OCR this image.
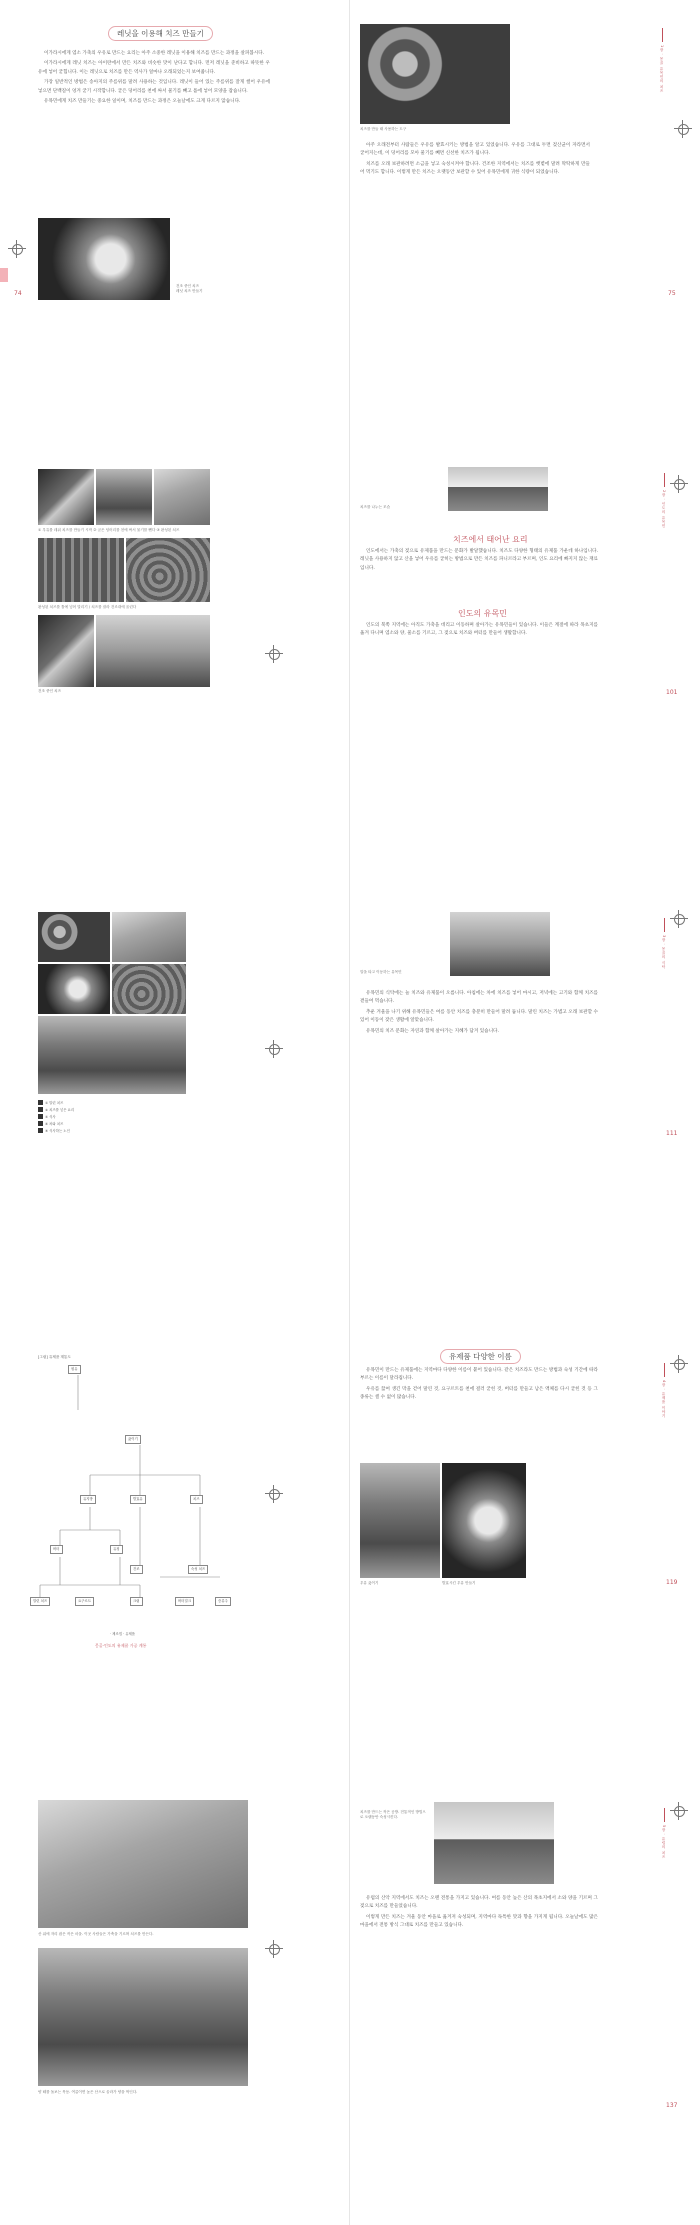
레닛을 이용해 치즈 만들기

이가라시에게 염소 가축의 우유로 만드는 요리는 아주 소중한 레닛을 이용해 치즈를 만드는 과정을 살펴봅시다.

이가라시에게 레닛 치즈는 아이란에서 만든 치즈와 비슷한 맛이 난다고 합니다. 먼저 레닛을 준비하고 따뜻한 우유에 넣어 굳힙니다. 이는 레닛으로 치즈를 만든 역사가 얼마나 오래되었는지 보여줍니다.

가장 일반적인 방법은 송아지의 주름위를 말려 사용하는 것입니다. 레닛이 들어 있는 주름위를 잘게 썰어 우유에 넣으면 단백질이 엉겨 굳기 시작합니다. 굳은 덩어리를 천에 싸서 물기를 빼고 틀에 넣어 모양을 잡습니다.

유목민에게 치즈 만들기는 중요한 일이며, 치즈를 만드는 과정은 오늘날에도 크게 다르지 않습니다.

건조 중인 치즈
레닛 치즈 만들기
74
치즈를 만들 때 사용하는 도구

아주 오래전부터 사람들은 우유를 발효시키는 방법을 알고 있었습니다. 우유를 그대로 두면 젖산균이 자라면서 굳어지는데, 이 덩어리를 모아 물기를 빼면 신선한 치즈가 됩니다.

치즈를 오래 보관하려면 소금을 넣고 숙성시켜야 합니다. 건조한 지역에서는 치즈를 햇볕에 말려 딱딱하게 만들어 먹기도 합니다. 이렇게 만든 치즈는 오랫동안 보관할 수 있어 유목민에게 귀한 식량이 되었습니다.

1장 · 몽골 유목민의 치즈
75
① 우유를 데워 치즈를 만들기 시작 ② 굳은 덩어리를 천에 싸서 물기를 뺀다 ③ 완성된 치즈
완성된 치즈를 틀에 넣어 말리기 / 치즈를 잘라 건조대에 올린다
건조 중인 치즈
치즈를 나누는 모습
치즈에서 태어난 요리

인도에서는 가축의 젖으로 유제품을 만드는 문화가 발달했습니다. 치즈도 다양한 형태의 유제품 가운데 하나입니다. 레닛을 사용하지 않고 산을 넣어 우유를 굳히는 방법으로 만든 치즈를 파니르라고 부르며, 인도 요리에 빠지지 않는 재료입니다.

인도의 유목민

인도의 북쪽 지역에는 아직도 가축을 데리고 이동하며 살아가는 유목민들이 있습니다. 이들은 계절에 따라 목초지를 옮겨 다니며 염소와 양, 물소를 기르고, 그 젖으로 치즈와 버터를 만들어 생활합니다.

2장 · 인도의 유목민
101
① 말린 치즈
② 치즈를 넣은 요리
③ 식사
④ 차와 치즈
⑤ 식사하는 노인
말을 타고 이동하는 유목민

유목민의 식탁에는 늘 치즈와 유제품이 오릅니다. 아침에는 차에 치즈를 넣어 마시고, 저녁에는 고기와 함께 치즈를 곁들여 먹습니다.

추운 겨울을 나기 위해 유목민들은 여름 동안 치즈를 충분히 만들어 말려 둡니다. 말린 치즈는 가볍고 오래 보관할 수 있어 이동이 잦은 생활에 알맞습니다.

유목민의 치즈 문화는 자연과 함께 살아가는 지혜가 담겨 있습니다.

3장 · 몽골의 식탁
111
[그림] 유제품 계통도
원유
끓이기
유지방	발효유	치즈
버터	유청
건조	숙성 치즈
말린 치즈	요구르트	크림	버터밀크	증류주
· 제조법 · 유제품
몽골·인도의 유제품 가공 계통
유제품 다양한 이름

유목민이 만드는 유제품에는 지역마다 다양한 이름이 붙어 있습니다. 같은 치즈라도 만드는 방법과 숙성 기간에 따라 부르는 이름이 달라집니다.

우유를 끓여 생긴 막을 걷어 말린 것, 요구르트를 천에 걸러 굳힌 것, 버터를 만들고 남은 액체를 다시 굳힌 것 등 그 종류는 셀 수 없이 많습니다.

우유 끓이기	발효시킨 우유 만들기
4장 · 유제품 이야기
119
산 위에 자리 잡은 작은 마을. 이곳 사람들은 가축을 기르며 치즈를 만든다.
양 떼를 돌보는 목동. 여름이면 높은 산으로 올라가 양을 먹인다.
치즈를 만드는 작은 공방. 전통적인 방법으로 오랫동안 숙성시킨다.

유럽의 산악 지역에서도 치즈는 오랜 전통을 가지고 있습니다. 여름 동안 높은 산의 목초지에서 소와 양을 기르며 그 젖으로 치즈를 만들었습니다.

이렇게 만든 치즈는 겨울 동안 마을로 옮겨져 숙성되며, 지역마다 독특한 맛과 향을 가지게 됩니다. 오늘날에도 많은 마을에서 전통 방식 그대로 치즈를 만들고 있습니다.

5장 · 유럽의 치즈
137
